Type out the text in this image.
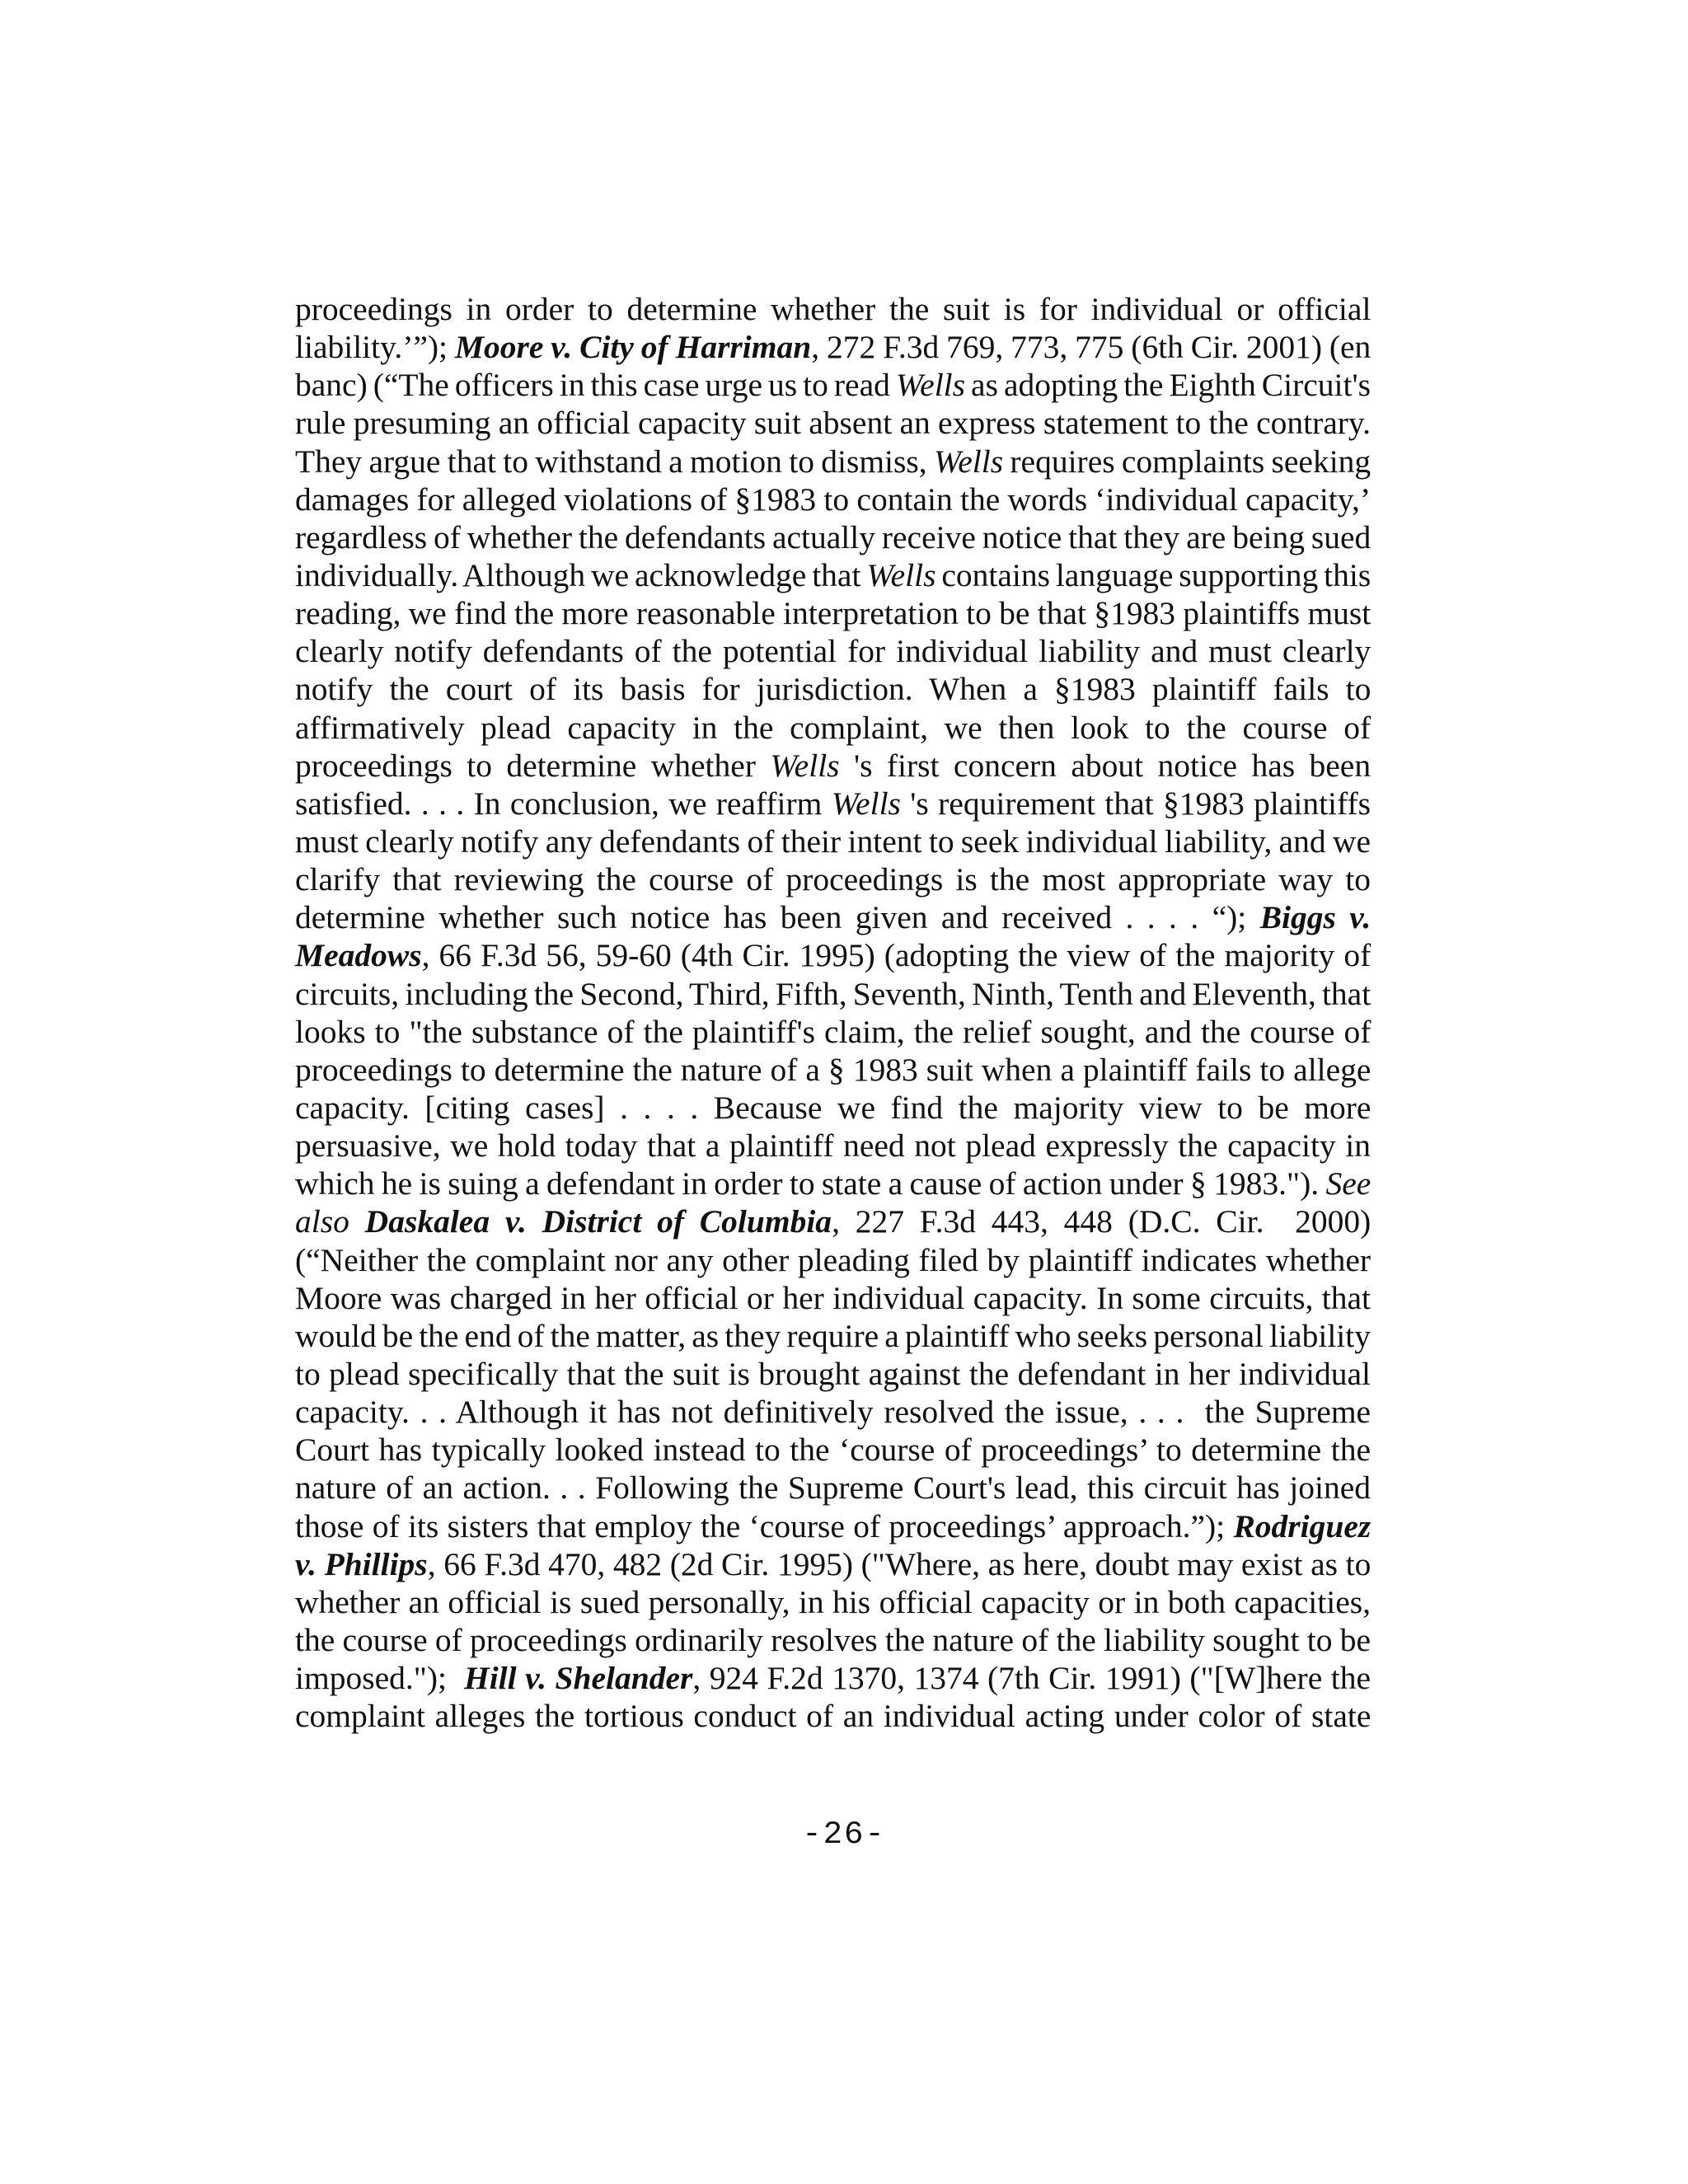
proceedings in order to determine whether the suit is for individual or official
liability.’”); Moore v. City of Harriman, 272 F.3d 769, 773, 775 (6th Cir. 2001) (en
banc) (“The officers in this case urge us to read Wells as adopting the Eighth Circuit's
rule presuming an official capacity suit absent an express statement to the contrary.
They argue that to withstand a motion to dismiss, Wells requires complaints seeking
damages for alleged violations of §1983 to contain the words ‘individual capacity,’
regardless of whether the defendants actually receive notice that they are being sued
individually. Although we acknowledge that Wells contains language supporting this
reading, we find the more reasonable interpretation to be that §1983 plaintiffs must
clearly notify defendants of the potential for individual liability and must clearly
notify the court of its basis for jurisdiction. When a §1983 plaintiff fails to
affirmatively plead capacity in the complaint, we then look to the course of
proceedings to determine whether Wells 's first concern about notice has been
satisfied. . . . In conclusion, we reaffirm Wells 's requirement that §1983 plaintiffs
must clearly notify any defendants of their intent to seek individual liability, and we
clarify that reviewing the course of proceedings is the most appropriate way to
determine whether such notice has been given and received . . . . “); Biggs v.
Meadows, 66 F.3d 56, 59-60 (4th Cir. 1995) (adopting the view of the majority of
circuits, including the Second, Third, Fifth, Seventh, Ninth, Tenth and Eleventh, that
looks to "the substance of the plaintiff's claim, the relief sought, and the course of
proceedings to determine the nature of a § 1983 suit when a plaintiff fails to allege
capacity. [citing cases] . . . . Because we find the majority view to be more
persuasive, we hold today that a plaintiff need not plead expressly the capacity in
which he is suing a defendant in order to state a cause of action under § 1983."). See
also Daskalea v. District of Columbia, 227 F.3d 443, 448 (D.C. Cir.  2000)
(“Neither the complaint nor any other pleading filed by plaintiff indicates whether
Moore was charged in her official or her individual capacity. In some circuits, that
would be the end of the matter, as they require a plaintiff who seeks personal liability
to plead specifically that the suit is brought against the defendant in her individual
capacity. . . Although it has not definitively resolved the issue, . . .  the Supreme
Court has typically looked instead to the ‘course of proceedings’ to determine the
nature of an action. . . Following the Supreme Court's lead, this circuit has joined
those of its sisters that employ the ‘course of proceedings’ approach.”); Rodriguez
v. Phillips, 66 F.3d 470, 482 (2d Cir. 1995) ("Where, as here, doubt may exist as to
whether an official is sued personally, in his official capacity or in both capacities,
the course of proceedings ordinarily resolves the nature of the liability sought to be
imposed.");  Hill v. Shelander, 924 F.2d 1370, 1374 (7th Cir. 1991) ("[W]here the
complaint alleges the tortious conduct of an individual acting under color of state
-26-
